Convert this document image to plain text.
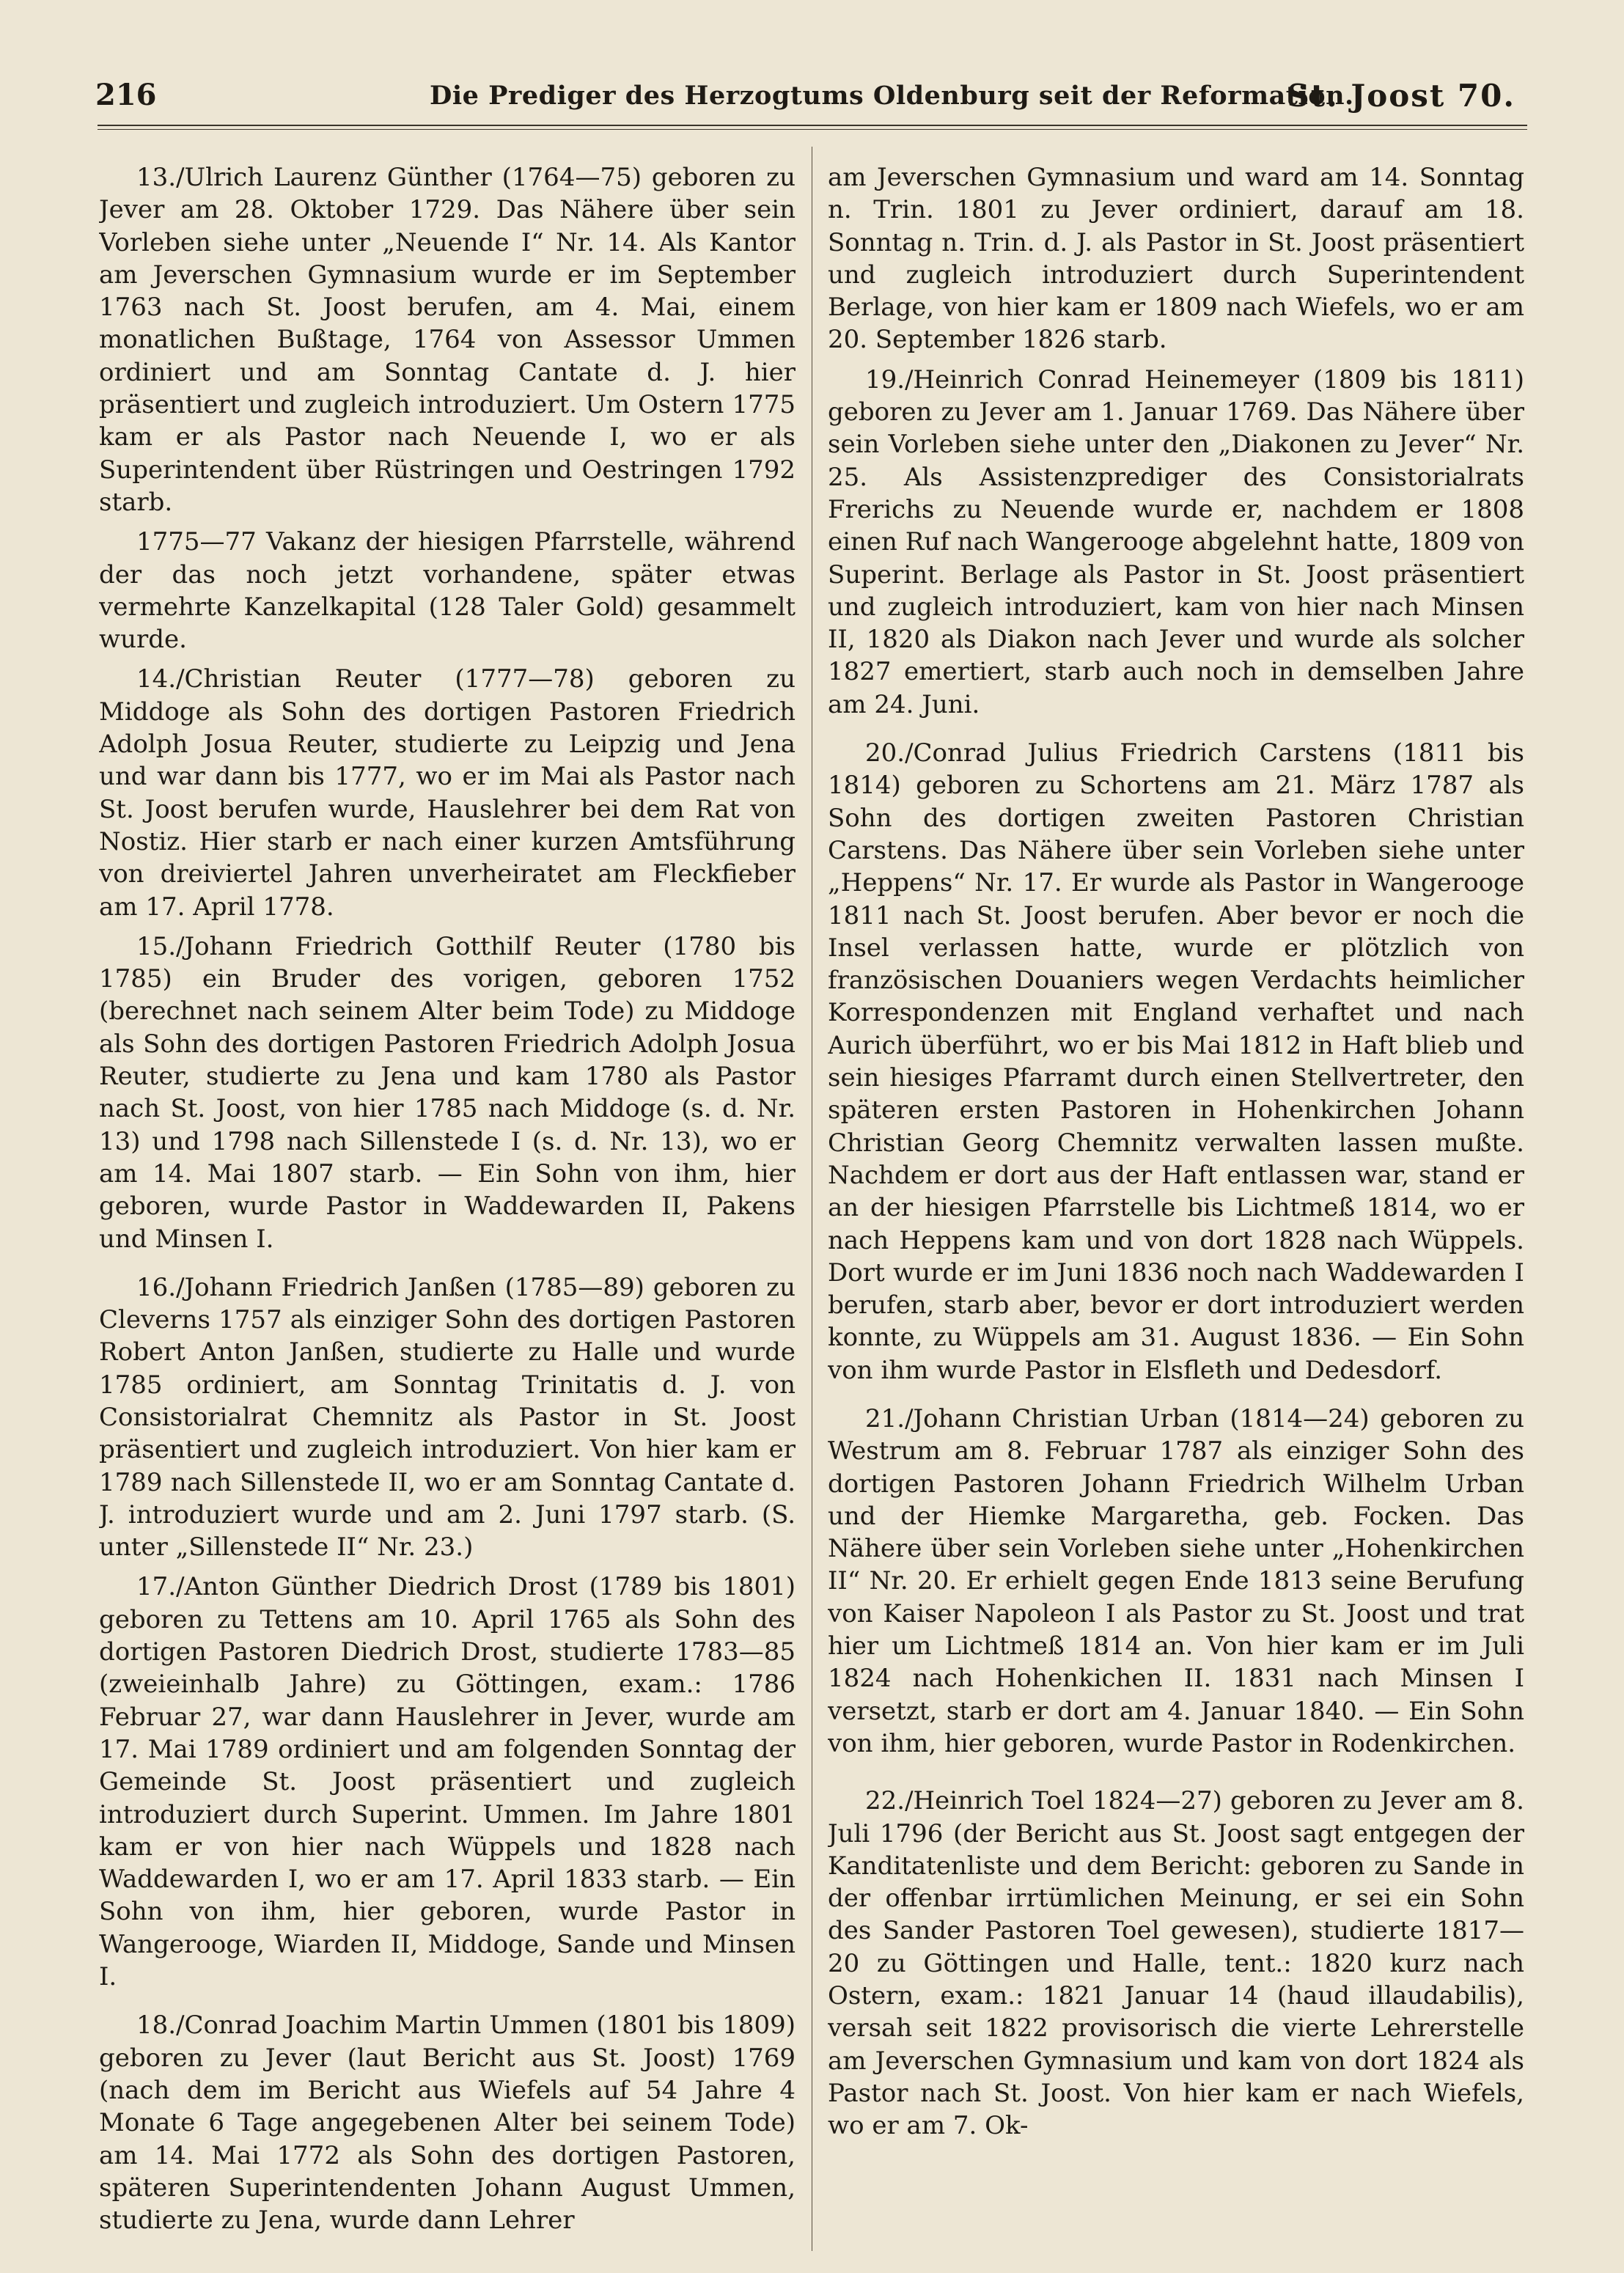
216	Die Prediger des Herzogtums Oldenburg seit der Reformation.
St. Joost 70.

13./Ulrich Laurenz Günther (1764—75) geboren zu Jever am 28. Oktober 1729. Das Nähere über sein Vorleben siehe unter „Neuende I“ Nr. 14. Als Kantor am Jeverschen Gymnasium wurde er im September 1763 nach St. Joost berufen, am 4. Mai, einem monatlichen Bußtage, 1764 von Assessor Ummen ordiniert und am Sonntag Cantate d. J. hier präsentiert und zugleich introduziert. Um Ostern 1775 kam er als Pastor nach Neuende I, wo er als Superintendent über Rüstringen und Oestringen 1792 starb.

1775—77 Vakanz der hiesigen Pfarrstelle, während der das noch jetzt vorhandene, später etwas vermehrte Kanzelkapital (128 Taler Gold) gesammelt wurde.

14./Christian Reuter (1777—78) geboren zu Middoge als Sohn des dortigen Pastoren Friedrich Adolph Josua Reuter, studierte zu Leipzig und Jena und war dann bis 1777, wo er im Mai als Pastor nach St. Joost berufen wurde, Hauslehrer bei dem Rat von Nostiz. Hier starb er nach einer kurzen Amtsführung von dreiviertel Jahren unverheiratet am Fleckfieber am 17. April 1778.

15./Johann Friedrich Gotthilf Reuter (1780 bis 1785) ein Bruder des vorigen, geboren 1752 (berechnet nach seinem Alter beim Tode) zu Middoge als Sohn des dortigen Pastoren Friedrich Adolph Josua Reuter, studierte zu Jena und kam 1780 als Pastor nach St. Joost, von hier 1785 nach Middoge (s. d. Nr. 13) und 1798 nach Sillenstede I (s. d. Nr. 13), wo er am 14. Mai 1807 starb. — Ein Sohn von ihm, hier geboren, wurde Pastor in Waddewarden II, Pakens und Minsen I.

16./Johann Friedrich Janßen (1785—89) geboren zu Cleverns 1757 als einziger Sohn des dortigen Pastoren Robert Anton Janßen, studierte zu Halle und wurde 1785 ordiniert, am Sonntag Trinitatis d. J. von Consistorialrat Chemnitz als Pastor in St. Joost präsentiert und zugleich introduziert. Von hier kam er 1789 nach Sillenstede II, wo er am Sonntag Cantate d. J. introduziert wurde und am 2. Juni 1797 starb. (S. unter „Sillenstede II“ Nr. 23.)

17./Anton Günther Diedrich Drost (1789 bis 1801) geboren zu Tettens am 10. April 1765 als Sohn des dortigen Pastoren Diedrich Drost, studierte 1783—85 (zweieinhalb Jahre) zu Göttingen, exam.: 1786 Februar 27, war dann Hauslehrer in Jever, wurde am 17. Mai 1789 ordiniert und am folgenden Sonntag der Gemeinde St. Joost präsentiert und zugleich introduziert durch Superint. Ummen. Im Jahre 1801 kam er von hier nach Wüppels und 1828 nach Waddewarden I, wo er am 17. April 1833 starb. — Ein Sohn von ihm, hier geboren, wurde Pastor in Wangerooge, Wiarden II, Middoge, Sande und Minsen I.

18./Conrad Joachim Martin Ummen (1801 bis 1809) geboren zu Jever (laut Bericht aus St. Joost) 1769 (nach dem im Bericht aus Wiefels auf 54 Jahre 4 Monate 6 Tage angegebenen Alter bei seinem Tode) am 14. Mai 1772 als Sohn des dortigen Pastoren, späteren Superintendenten Johann August Ummen, studierte zu Jena, wurde dann Lehrer

am Jeverschen Gymnasium und ward am 14. Sonntag n. Trin. 1801 zu Jever ordiniert, darauf am 18. Sonntag n. Trin. d. J. als Pastor in St. Joost präsentiert und zugleich introduziert durch Superintendent Berlage, von hier kam er 1809 nach Wiefels, wo er am 20. September 1826 starb.

19./Heinrich Conrad Heinemeyer (1809 bis 1811) geboren zu Jever am 1. Januar 1769. Das Nähere über sein Vorleben siehe unter den „Diakonen zu Jever“ Nr. 25. Als Assistenzprediger des Consistorialrats Frerichs zu Neuende wurde er, nachdem er 1808 einen Ruf nach Wangerooge abgelehnt hatte, 1809 von Superint. Berlage als Pastor in St. Joost präsentiert und zugleich introduziert, kam von hier nach Minsen II, 1820 als Diakon nach Jever und wurde als solcher 1827 emertiert, starb auch noch in demselben Jahre am 24. Juni.

20./Conrad Julius Friedrich Carstens (1811 bis 1814) geboren zu Schortens am 21. März 1787 als Sohn des dortigen zweiten Pastoren Christian Carstens. Das Nähere über sein Vorleben siehe unter „Heppens“ Nr. 17. Er wurde als Pastor in Wangerooge 1811 nach St. Joost berufen. Aber bevor er noch die Insel verlassen hatte, wurde er plötzlich von französischen Douaniers wegen Verdachts heimlicher Korrespondenzen mit England verhaftet und nach Aurich überführt, wo er bis Mai 1812 in Haft blieb und sein hiesiges Pfarramt durch einen Stellvertreter, den späteren ersten Pastoren in Hohenkirchen Johann Christian Georg Chemnitz verwalten lassen mußte. Nachdem er dort aus der Haft entlassen war, stand er an der hiesigen Pfarrstelle bis Lichtmeß 1814, wo er nach Heppens kam und von dort 1828 nach Wüppels. Dort wurde er im Juni 1836 noch nach Waddewarden I berufen, starb aber, bevor er dort introduziert werden konnte, zu Wüppels am 31. August 1836. — Ein Sohn von ihm wurde Pastor in Elsfleth und Dedesdorf.

21./Johann Christian Urban (1814—24) geboren zu Westrum am 8. Februar 1787 als einziger Sohn des dortigen Pastoren Johann Friedrich Wilhelm Urban und der Hiemke Margaretha, geb. Focken. Das Nähere über sein Vorleben siehe unter „Hohenkirchen II“ Nr. 20. Er erhielt gegen Ende 1813 seine Berufung von Kaiser Napoleon I als Pastor zu St. Joost und trat hier um Lichtmeß 1814 an. Von hier kam er im Juli 1824 nach Hohenkichen II. 1831 nach Minsen I versetzt, starb er dort am 4. Januar 1840. — Ein Sohn von ihm, hier geboren, wurde Pastor in Rodenkirchen.

22./Heinrich Toel 1824—27) geboren zu Jever am 8. Juli 1796 (der Bericht aus St. Joost sagt entgegen der Kanditatenliste und dem Bericht: geboren zu Sande in der offenbar irrtümlichen Meinung, er sei ein Sohn des Sander Pastoren Toel gewesen), studierte 1817—20 zu Göttingen und Halle, tent.: 1820 kurz nach Ostern, exam.: 1821 Januar 14 (haud illaudabilis), versah seit 1822 provisorisch die vierte Lehrerstelle am Jeverschen Gymnasium und kam von dort 1824 als Pastor nach St. Joost. Von hier kam er nach Wiefels, wo er am 7. Ok-
